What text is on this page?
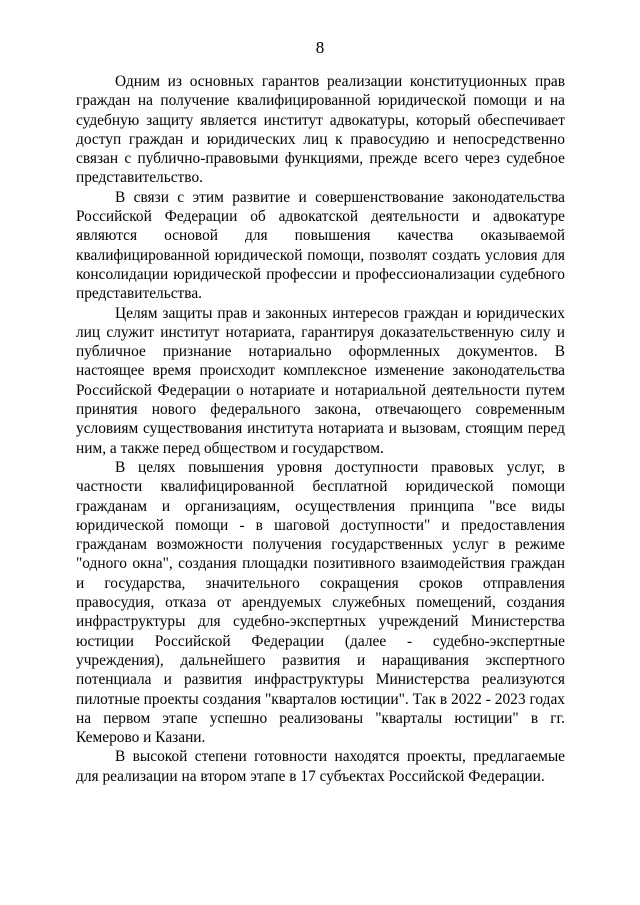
8

Одним из основных гарантов реализации конституционных прав граждан на получение квалифицированной юридической помощи и на судебную защиту является институт адвокатуры, который обеспечивает доступ граждан и юридических лиц к правосудию и непосредственно связан с публично-правовыми функциями, прежде всего через судебное представительство.

В связи с этим развитие и совершенствование законодательства Российской Федерации об адвокатской деятельности и адвокатуре являются основой для повышения качества оказываемой квалифицированной юридической помощи, позволят создать условия для консолидации юридической профессии и профессионализации судебного представительства.

Целям защиты прав и законных интересов граждан и юридических лиц служит институт нотариата, гарантируя доказательственную силу и публичное признание нотариально оформленных документов. В настоящее время происходит комплексное изменение законодательства Российской Федерации о нотариате и нотариальной деятельности путем принятия нового федерального закона, отвечающего современным условиям существования института нотариата и вызовам, стоящим перед ним, а также перед обществом и государством.

В целях повышения уровня доступности правовых услуг, в частности квалифицированной бесплатной юридической помощи гражданам и организациям, осуществления принципа "все виды юридической помощи - в шаговой доступности" и предоставления гражданам возможности получения государственных услуг в режиме "одного окна", создания площадки позитивного взаимодействия граждан и государства, значительного сокращения сроков отправления правосудия, отказа от арендуемых служебных помещений, создания инфраструктуры для судебно-экспертных учреждений Министерства юстиции Российской Федерации (далее - судебно-экспертные учреждения), дальнейшего развития и наращивания экспертного потенциала и развития инфраструктуры Министерства реализуются пилотные проекты создания "кварталов юстиции". Так в 2022 - 2023 годах на первом этапе успешно реализованы "кварталы юстиции" в гг. Кемерово и Казани.

В высокой степени готовности находятся проекты, предлагаемые для реализации на втором этапе в 17 субъектах Российской Федерации.
